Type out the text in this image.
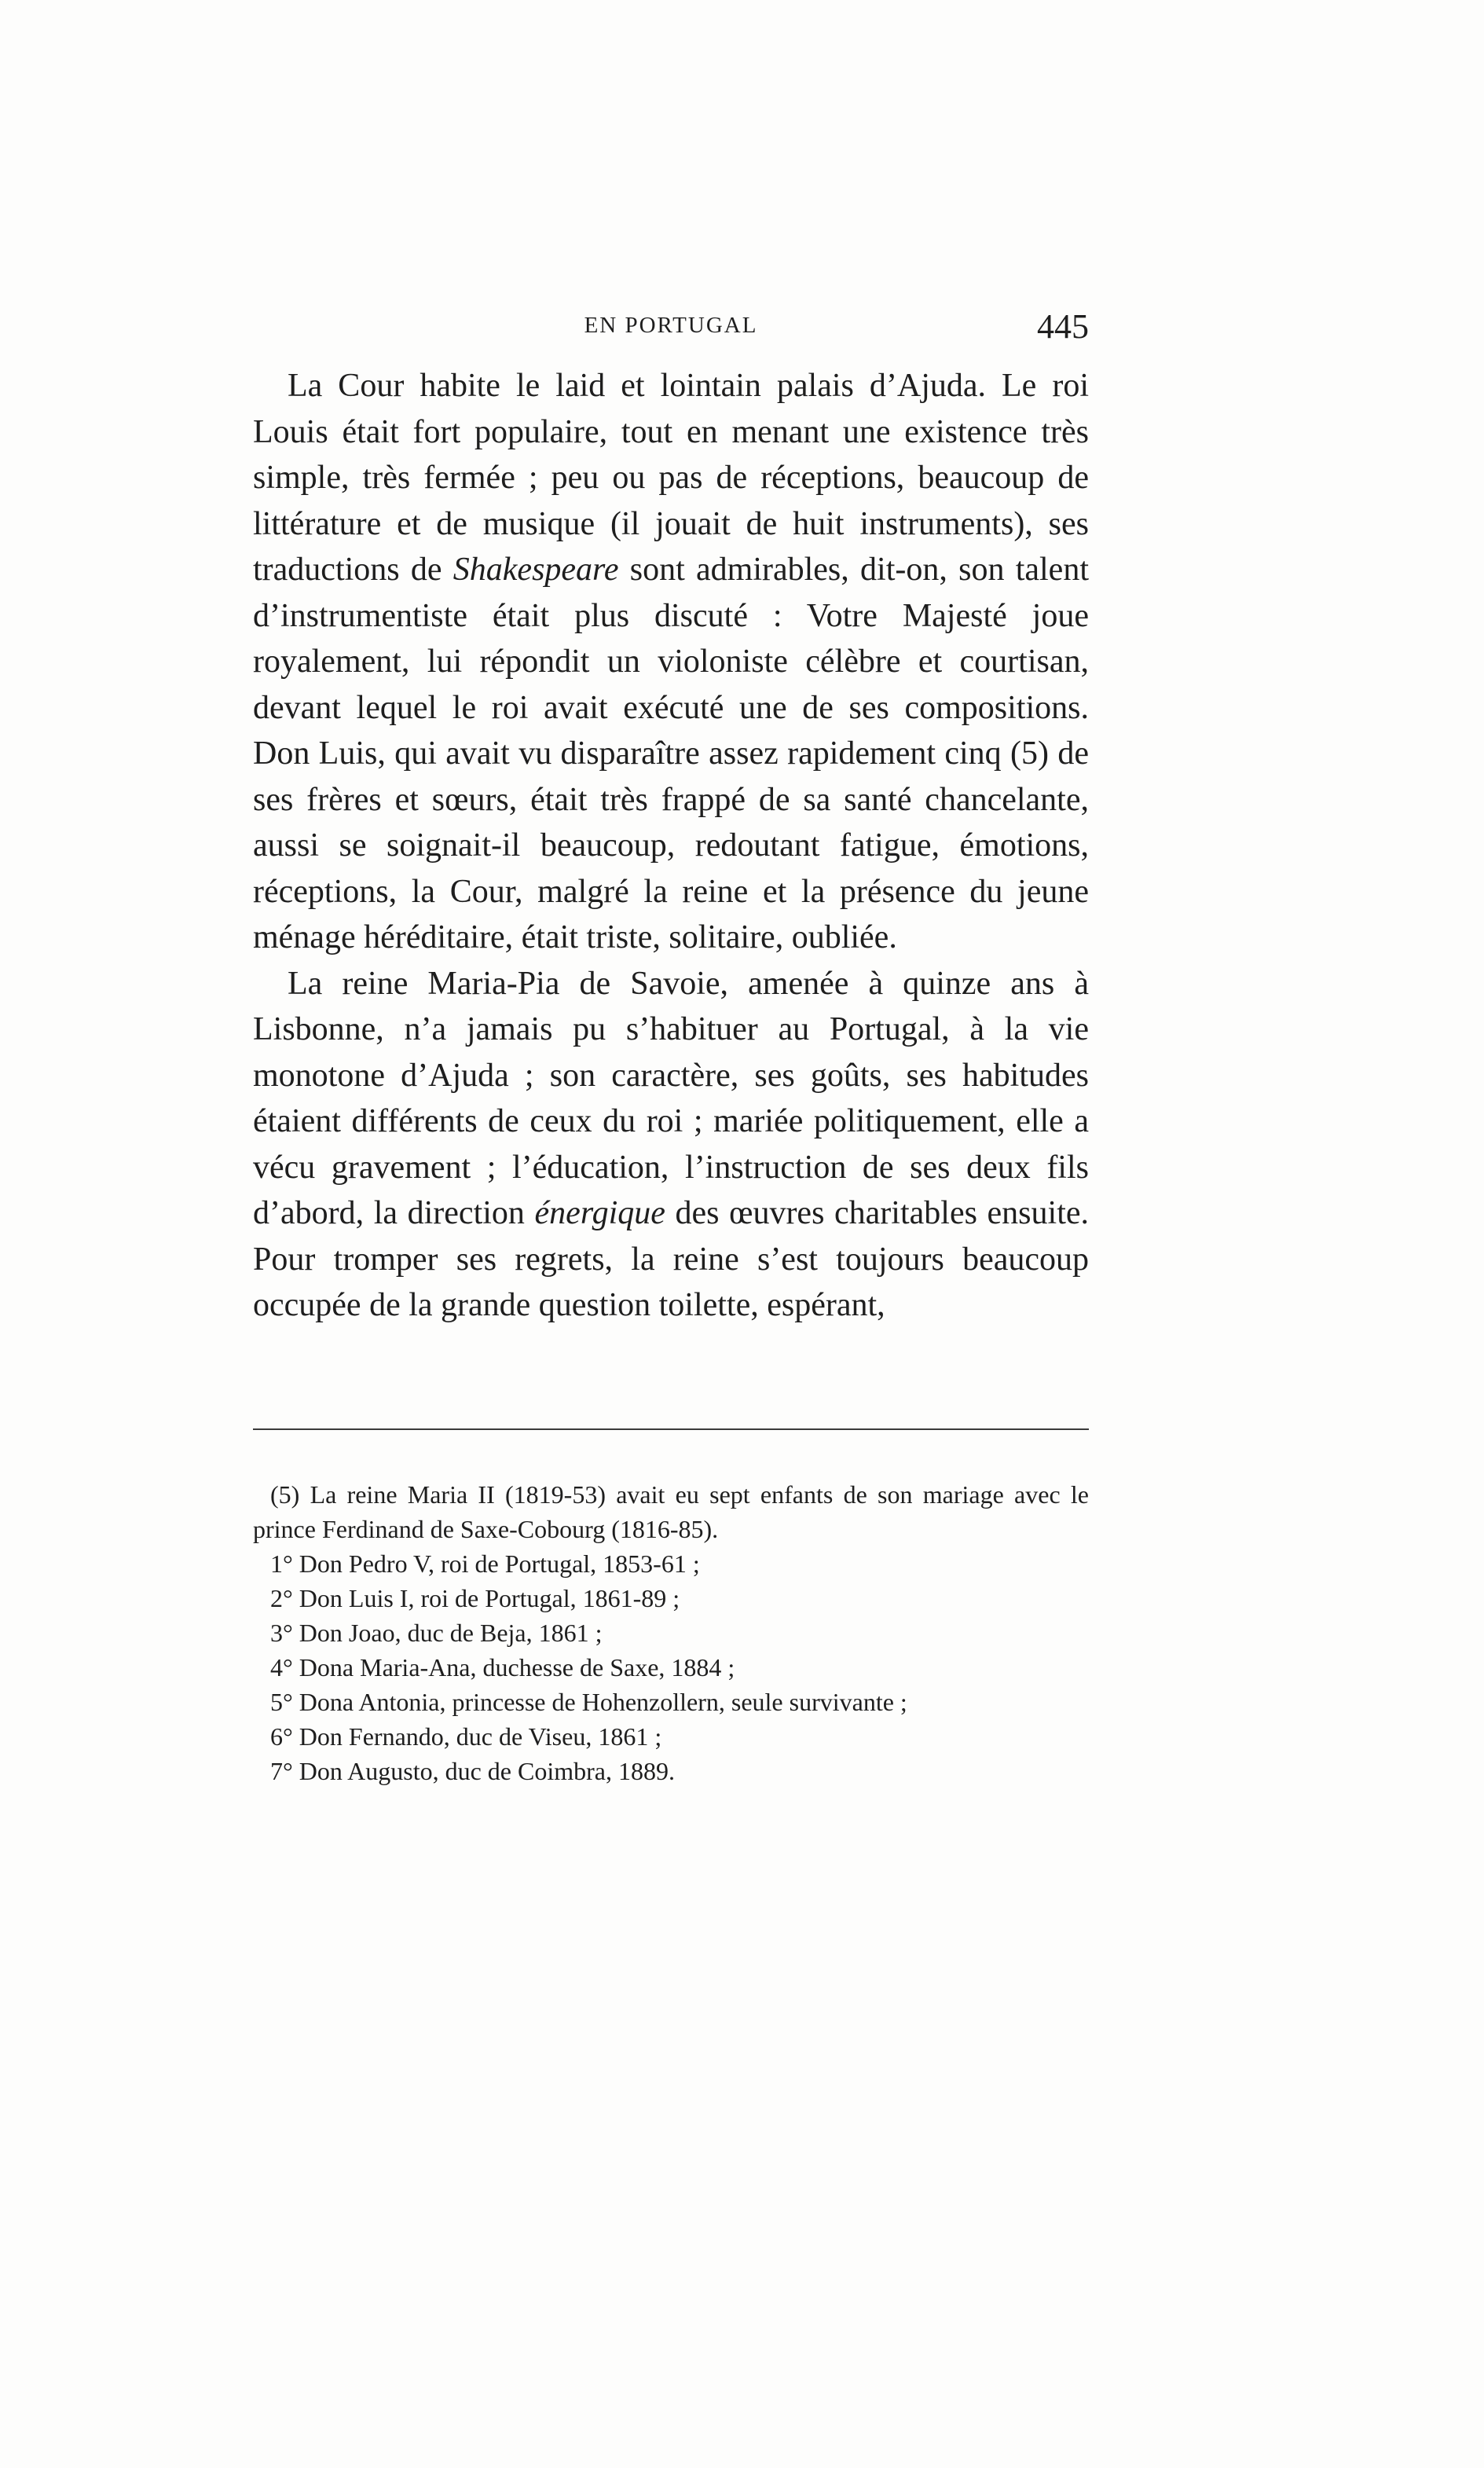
EN PORTUGAL	445

La Cour habite le laid et lointain palais d’Ajuda. Le roi Louis était fort populaire, tout en menant une existence très simple, très fermée ; peu ou pas de réceptions, beaucoup de littérature et de musique (il jouait de huit instruments), ses traductions de Shakespeare sont admirables, dit-on, son talent d’instrumentiste était plus discuté : Votre Majesté joue royalement, lui répondit un violoniste célèbre et courtisan, devant lequel le roi avait exécuté une de ses compositions. Don Luis, qui avait vu disparaître assez rapidement cinq (5) de ses frères et sœurs, était très frappé de sa santé chancelante, aussi se soignait-il beaucoup, redoutant fatigue, émotions, réceptions, la Cour, malgré la reine et la présence du jeune ménage héréditaire, était triste, solitaire, oubliée.

La reine Maria-Pia de Savoie, amenée à quinze ans à Lisbonne, n’a jamais pu s’habituer au Portugal, à la vie monotone d’Ajuda ; son caractère, ses goûts, ses habitudes étaient différents de ceux du roi ; mariée politiquement, elle a vécu gravement ; l’éducation, l’instruction de ses deux fils d’abord, la direction énergique des œuvres charitables ensuite. Pour tromper ses regrets, la reine s’est toujours beaucoup occupée de la grande question toilette, espérant,

(5) La reine Maria II (1819-53) avait eu sept enfants de son mariage avec le prince Ferdinand de Saxe-Cobourg (1816-85).

1° Don Pedro V, roi de Portugal, 1853-61 ;
2° Don Luis I, roi de Portugal, 1861-89 ;
3° Don Joao, duc de Beja, 1861 ;
4° Dona Maria-Ana, duchesse de Saxe, 1884 ;
5° Dona Antonia, princesse de Hohenzollern, seule survivante ;
6° Don Fernando, duc de Viseu, 1861 ;
7° Don Augusto, duc de Coimbra, 1889.
